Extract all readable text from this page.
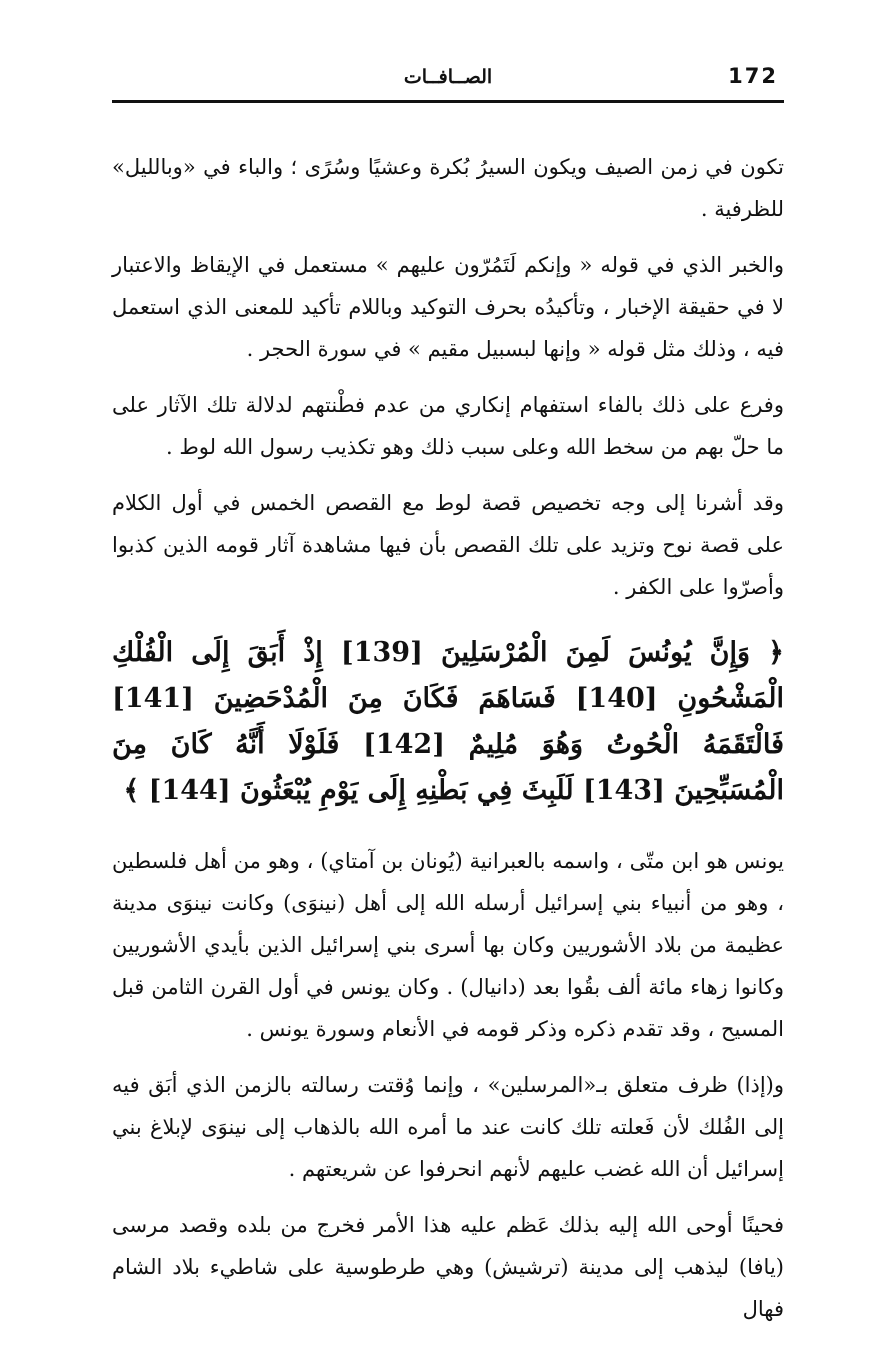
172
الصــافــات

تكون في زمن الصيف ويكون السيرُ بُكرة وعشيًا وسُرًى ؛ والباء في «وبالليل» للظرفية .

والخبر الذي في قوله « وإنكم لَتَمُرّون عليهم » مستعمل في الإيقاظ والاعتبار لا في حقيقة الإخبار ، وتأكيدُه بحرف التوكيد وباللام تأكيد للمعنى الذي استعمل فيه ، وذلك مثل قوله « وإنها لبسبيل مقيم » في سورة الحجر .

وفرع على ذلك بالفاء استفهام إنكاري من عدم فطْنتهم لدلالة تلك الآثار على ما حلّ بهم من سخط الله وعلى سبب ذلك وهو تكذيب رسول الله لوط .

وقد أشرنا إلى وجه تخصيص قصة لوط مع القصص الخمس في أول الكلام على قصة نوح وتزيد على تلك القصص بأن فيها مشاهدة آثار قومه الذين كذبوا وأصرّوا على الكفر .

﴿ وَإِنَّ يُونُسَ لَمِنَ الْمُرْسَلِينَ [139] إِذْ أَبَقَ إِلَى الْفُلْكِ الْمَشْحُونِ [140] فَسَاهَمَ فَكَانَ مِنَ الْمُدْحَضِينَ [141] فَالْتَقَمَهُ الْحُوتُ وَهُوَ مُلِيمٌ [142] فَلَوْلَا أَنَّهُ كَانَ مِنَ الْمُسَبِّحِينَ [143] لَلَبِثَ فِي بَطْنِهِ إِلَى يَوْمِ يُبْعَثُونَ [144] ﴾

يونس هو ابن متّى ، واسمه بالعبرانية (يُونان بن آمتاي) ، وهو من أهل فلسطين ، وهو من أنبياء بني إسرائيل أرسله الله إلى أهل (نينوَى) وكانت نينوَى مدينة عظيمة من بلاد الأشوريين وكان بها أسرى بني إسرائيل الذين بأيدي الأشوريين وكانوا زهاء مائة ألف بقُوا بعد (دانيال) . وكان يونس في أول القرن الثامن قبل المسيح ، وقد تقدم ذكره وذكر قومه في الأنعام وسورة يونس .

و(إذا) ظرف متعلق بـ«المرسلين» ، وإنما وُقتت رسالته بالزمن الذي أبَق فيه إلى الفُلك لأن فَعلته تلك كانت عند ما أمره الله بالذهاب إلى نينوَى لإبلاغ بني إسرائيل أن الله غضب عليهم لأنهم انحرفوا عن شريعتهم .

فحينًا أوحى الله إليه بذلك عَظم عليه هذا الأمر فخرج من بلده وقصد مرسى (يافا) ليذهب إلى مدينة (ترشيش) وهي طرطوسية على شاطيء بلاد الشام فهال
